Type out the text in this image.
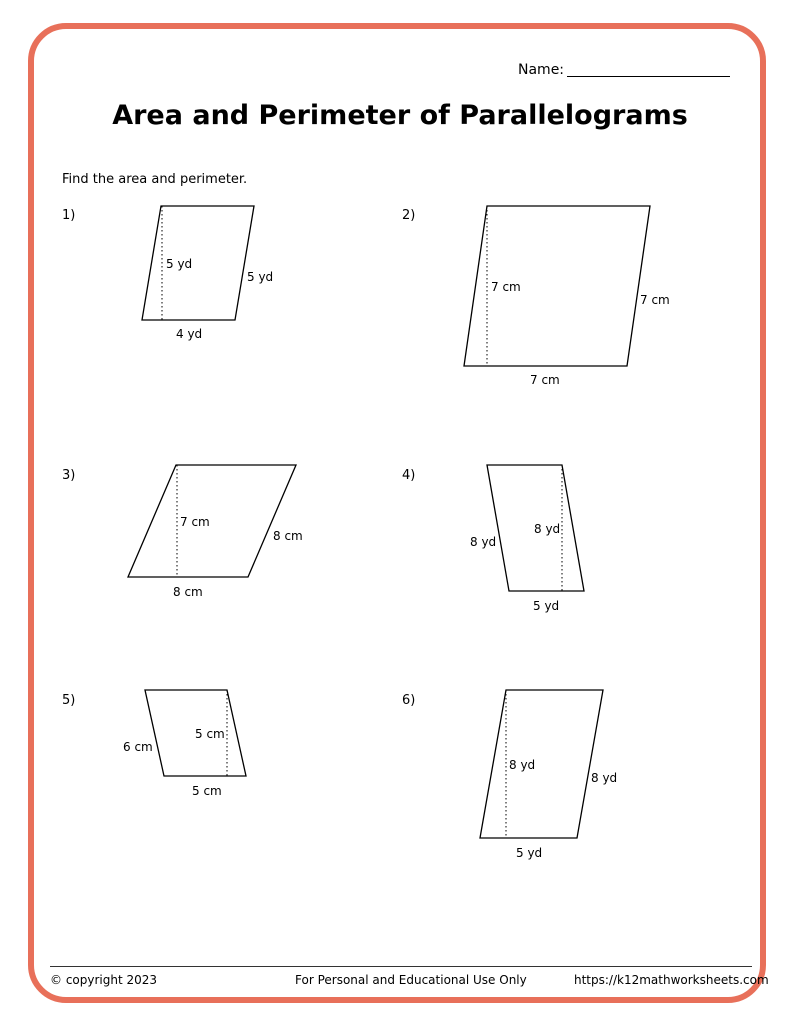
Name:
Area and Perimeter of Parallelograms
Find the area and perimeter.
1)	2)
3)	4)
5)	6)
5 yd
5 yd
4 yd
7 cm
7 cm
7 cm
7 cm
8 cm
8 cm
8 yd
8 yd
5 yd
5 cm
6 cm
5 cm
8 yd
8 yd
5 yd
© copyright 2023	For Personal and Educational Use Only	https://k12mathworksheets.com
